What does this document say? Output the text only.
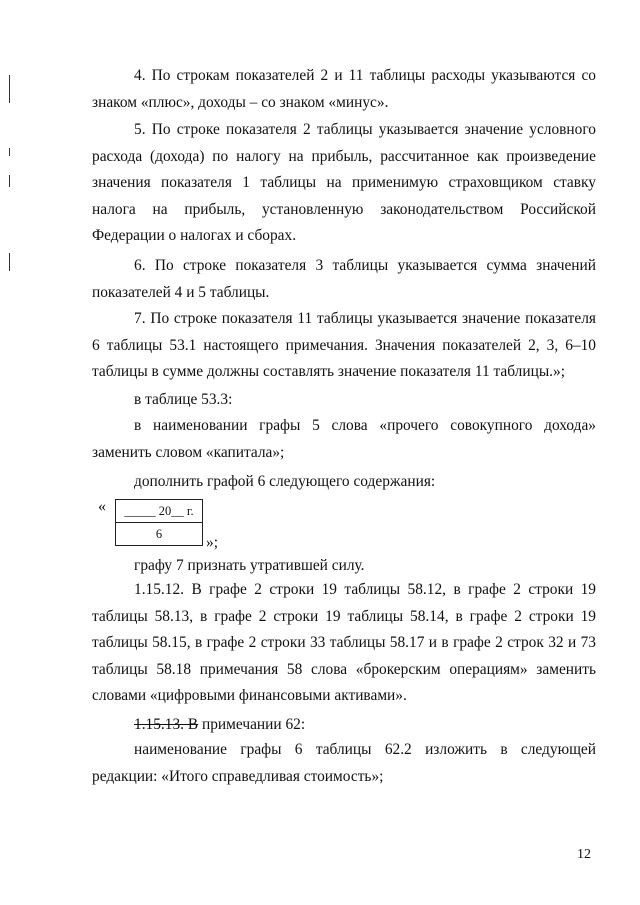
4. По строкам показателей 2 и 11 таблицы расходы указываются со знаком «плюс», доходы – со знаком «минус».

5. По строке показателя 2 таблицы указывается значение условного расхода (дохода) по налогу на прибыль, рассчитанное как произведение значения показателя 1 таблицы на применимую страховщиком ставку налога на прибыль, установленную законодательством Российской Федерации о налогах и сборах.

6. По строке показателя 3 таблицы указывается сумма значений показателей 4 и 5 таблицы.

7. По строке показателя 11 таблицы указывается значение показателя 6 таблицы 53.1 настоящего примечания. Значения показателей 2, 3, 6–10 таблицы в сумме должны составлять значение показателя 11 таблицы.»;

в таблице 53.3:

в наименовании графы 5 слова «прочего совокупного дохода» заменить словом «капитала»;

дополнить графой 6 следующего содержания:

« _____ 20__ г.
6
»;

графу 7 признать утратившей силу.

1.15.12. В графе 2 строки 19 таблицы 58.12, в графе 2 строки 19 таблицы 58.13, в графе 2 строки 19 таблицы 58.14, в графе 2 строки 19 таблицы 58.15, в графе 2 строки 33 таблицы 58.17 и в графе 2 строк 32 и 73 таблицы 58.18 примечания 58 слова «брокерским операциям» заменить словами «цифровыми финансовыми активами».

1.15.13. В примечании 62:

наименование графы 6 таблицы 62.2 изложить в следующей редакции: «Итого справедливая стоимость»;

12
